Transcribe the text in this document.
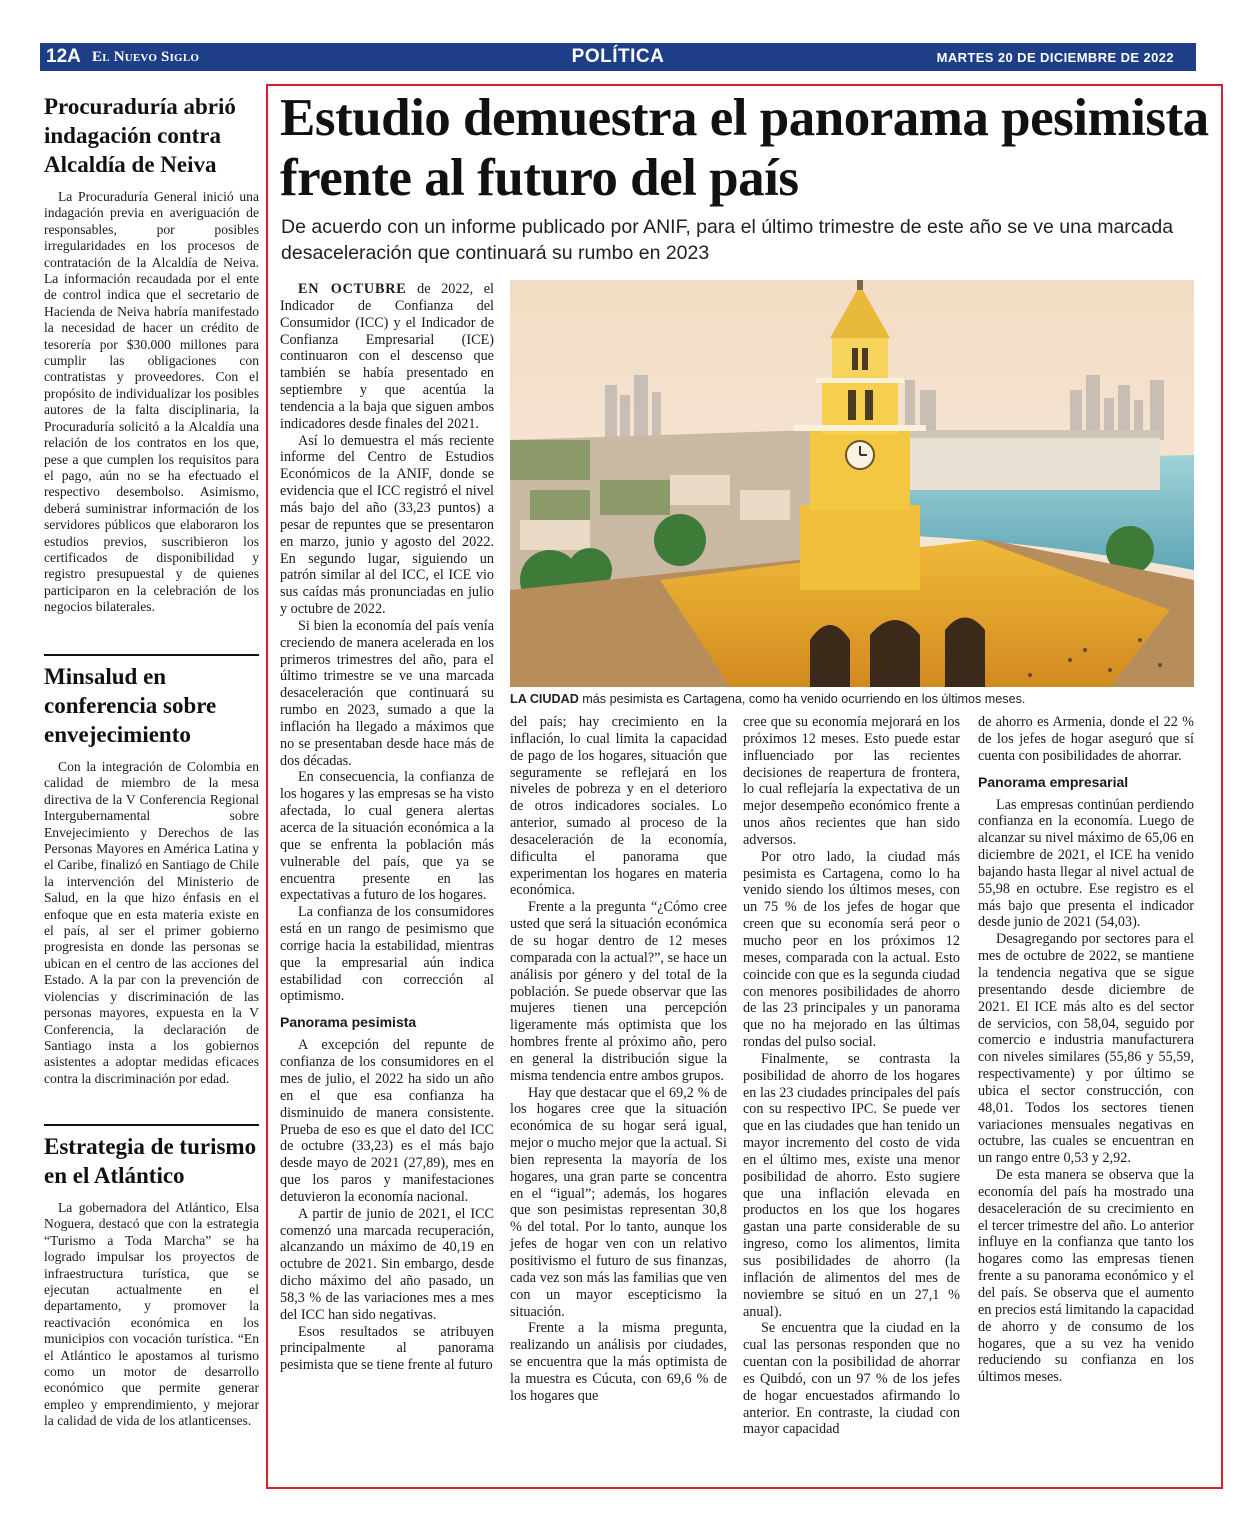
12A El Nuevo Siglo	POLÍTICA	MARTES 20 DE DICIEMBRE DE 2022
Procuraduría abrió indagación contra Alcaldía de Neiva

La Procuraduría General inició una indagación previa en averiguación de responsables, por posibles irregularidades en los procesos de contratación de la Alcaldía de Neiva. La información recaudada por el ente de control indica que el secretario de Hacienda de Neiva habría manifestado la necesidad de hacer un crédito de tesorería por $30.000 millones para cumplir las obligaciones con contratistas y proveedores. Con el propósito de individualizar los posibles autores de la falta disciplinaria, la Procuraduría solicitó a la Alcaldía una relación de los contratos en los que, pese a que cumplen los requisitos para el pago, aún no se ha efectuado el respectivo desembolso. Asimismo, deberá suministrar información de los servidores públicos que elaboraron los estudios previos, suscribieron los certificados de disponibilidad y registro presupuestal y de quienes participaron en la celebración de los negocios bilaterales.

Minsalud en conferencia sobre envejecimiento

Con la integración de Colombia en calidad de miembro de la mesa directiva de la V Conferencia Regional Intergubernamental sobre Envejecimiento y Derechos de las Personas Mayores en América Latina y el Caribe, finalizó en Santiago de Chile la intervención del Ministerio de Salud, en la que hizo énfasis en el enfoque que en esta materia existe en el país, al ser el primer gobierno progresista en donde las personas se ubican en el centro de las acciones del Estado. A la par con la prevención de violencias y discriminación de las personas mayores, expuesta en la V Conferencia, la declaración de Santiago insta a los gobiernos asistentes a adoptar medidas eficaces contra la discriminación por edad.

Estrategia de turismo en el Atlántico

La gobernadora del Atlántico, Elsa Noguera, destacó que con la estrategia “Turismo a Toda Marcha” se ha logrado impulsar los proyectos de infraestructura turística, que se ejecutan actualmente en el departamento, y promover la reactivación económica en los municipios con vocación turística. “En el Atlántico le apostamos al turismo como un motor de desarrollo económico que permite generar empleo y emprendimiento, y mejorar la calidad de vida de los atlanticenses.

Estudio demuestra el panorama pesimista frente al futuro del país

De acuerdo con un informe publicado por ANIF, para el último trimestre de este año se ve una marcada desaceleración que continuará su rumbo en 2023

EN OCTUBRE de 2022, el Indicador de Confianza del Consumidor (ICC) y el Indicador de Confianza Empresarial (ICE) continuaron con el descenso que también se había presentado en septiembre y que acentúa la tendencia a la baja que siguen ambos indicadores desde finales del 2021.

Así lo demuestra el más reciente informe del Centro de Estudios Económicos de la ANIF, donde se evidencia que el ICC registró el nivel más bajo del año (33,23 puntos) a pesar de repuntes que se presentaron en marzo, junio y agosto del 2022. En segundo lugar, siguiendo un patrón similar al del ICC, el ICE vio sus caídas más pronunciadas en julio y octubre de 2022.

Si bien la economía del país venía creciendo de manera acelerada en los primeros trimestres del año, para el último trimestre se ve una marcada desaceleración que continuará su rumbo en 2023, sumado a que la inflación ha llegado a máximos que no se presentaban desde hace más de dos décadas.

En consecuencia, la confianza de los hogares y las empresas se ha visto afectada, lo cual genera alertas acerca de la situación económica a la que se enfrenta la población más vulnerable del país, que ya se encuentra presente en las expectativas a futuro de los hogares.

La confianza de los consumidores está en un rango de pesimismo que corrige hacia la estabilidad, mientras que la empresarial aún indica estabilidad con corrección al optimismo.

Panorama pesimista

A excepción del repunte de confianza de los consumidores en el mes de julio, el 2022 ha sido un año en el que esa confianza ha disminuido de manera consistente. Prueba de eso es que el dato del ICC de octubre (33,23) es el más bajo desde mayo de 2021 (27,89), mes en que los paros y manifestaciones detuvieron la economía nacional.

A partir de junio de 2021, el ICC comenzó una marcada recuperación, alcanzando un máximo de 40,19 en octubre de 2021. Sin embargo, desde dicho máximo del año pasado, un 58,3 % de las variaciones mes a mes del ICC han sido negativas.

Esos resultados se atribuyen principalmente al panorama pesimista que se tiene frente al futuro

LA CIUDAD más pesimista es Cartagena, como ha venido ocurriendo en los últimos meses.

del país; hay crecimiento en la inflación, lo cual limita la capacidad de pago de los hogares, situación que seguramente se reflejará en los niveles de pobreza y en el deterioro de otros indicadores sociales. Lo anterior, sumado al proceso de la desaceleración de la economía, dificulta el panorama que experimentan los hogares en materia económica.

Frente a la pregunta “¿Cómo cree usted que será la situación económica de su hogar dentro de 12 meses comparada con la actual?”, se hace un análisis por género y del total de la población. Se puede observar que las mujeres tienen una percepción ligeramente más optimista que los hombres frente al próximo año, pero en general la distribución sigue la misma tendencia entre ambos grupos.

Hay que destacar que el 69,2 % de los hogares cree que la situación económica de su hogar será igual, mejor o mucho mejor que la actual. Si bien representa la mayoría de los hogares, una gran parte se concentra en el “igual”; además, los hogares que son pesimistas representan 30,8 % del total. Por lo tanto, aunque los jefes de hogar ven con un relativo positivismo el futuro de sus finanzas, cada vez son más las familias que ven con un mayor escepticismo la situación.

Frente a la misma pregunta, realizando un análisis por ciudades, se encuentra que la más optimista de la muestra es Cúcuta, con 69,6 % de los hogares que

cree que su economía mejorará en los próximos 12 meses. Esto puede estar influenciado por las recientes decisiones de reapertura de frontera, lo cual reflejaría la expectativa de un mejor desempeño económico frente a unos años recientes que han sido adversos.

Por otro lado, la ciudad más pesimista es Cartagena, como lo ha venido siendo los últimos meses, con un 75 % de los jefes de hogar que creen que su economía será peor o mucho peor en los próximos 12 meses, comparada con la actual. Esto coincide con que es la segunda ciudad con menores posibilidades de ahorro de las 23 principales y un panorama que no ha mejorado en las últimas rondas del pulso social.

Finalmente, se contrasta la posibilidad de ahorro de los hogares en las 23 ciudades principales del país con su respectivo IPC. Se puede ver que en las ciudades que han tenido un mayor incremento del costo de vida en el último mes, existe una menor posibilidad de ahorro. Esto sugiere que una inflación elevada en productos en los que los hogares gastan una parte considerable de su ingreso, como los alimentos, limita sus posibilidades de ahorro (la inflación de alimentos del mes de noviembre se situó en un 27,1 % anual).

Se encuentra que la ciudad en la cual las personas responden que no cuentan con la posibilidad de ahorrar es Quibdó, con un 97 % de los jefes de hogar encuestados afirmando lo anterior. En contraste, la ciudad con mayor capacidad

de ahorro es Armenia, donde el 22 % de los jefes de hogar aseguró que sí cuenta con posibilidades de ahorrar.

Panorama empresarial

Las empresas continúan perdiendo confianza en la economía. Luego de alcanzar su nivel máximo de 65,06 en diciembre de 2021, el ICE ha venido bajando hasta llegar al nivel actual de 55,98 en octubre. Ese registro es el más bajo que presenta el indicador desde junio de 2021 (54,03).

Desagregando por sectores para el mes de octubre de 2022, se mantiene la tendencia negativa que se sigue presentando desde diciembre de 2021. El ICE más alto es del sector de servicios, con 58,04, seguido por comercio e industria manufacturera con niveles similares (55,86 y 55,59, respectivamente) y por último se ubica el sector construcción, con 48,01. Todos los sectores tienen variaciones mensuales negativas en octubre, las cuales se encuentran en un rango entre 0,53 y 2,92.

De esta manera se observa que la economía del país ha mostrado una desaceleración de su crecimiento en el tercer trimestre del año. Lo anterior influye en la confianza que tanto los hogares como las empresas tienen frente a su panorama económico y el del país. Se observa que el aumento en precios está limitando la capacidad de ahorro y de consumo de los hogares, que a su vez ha venido reduciendo su confianza en los últimos meses.
